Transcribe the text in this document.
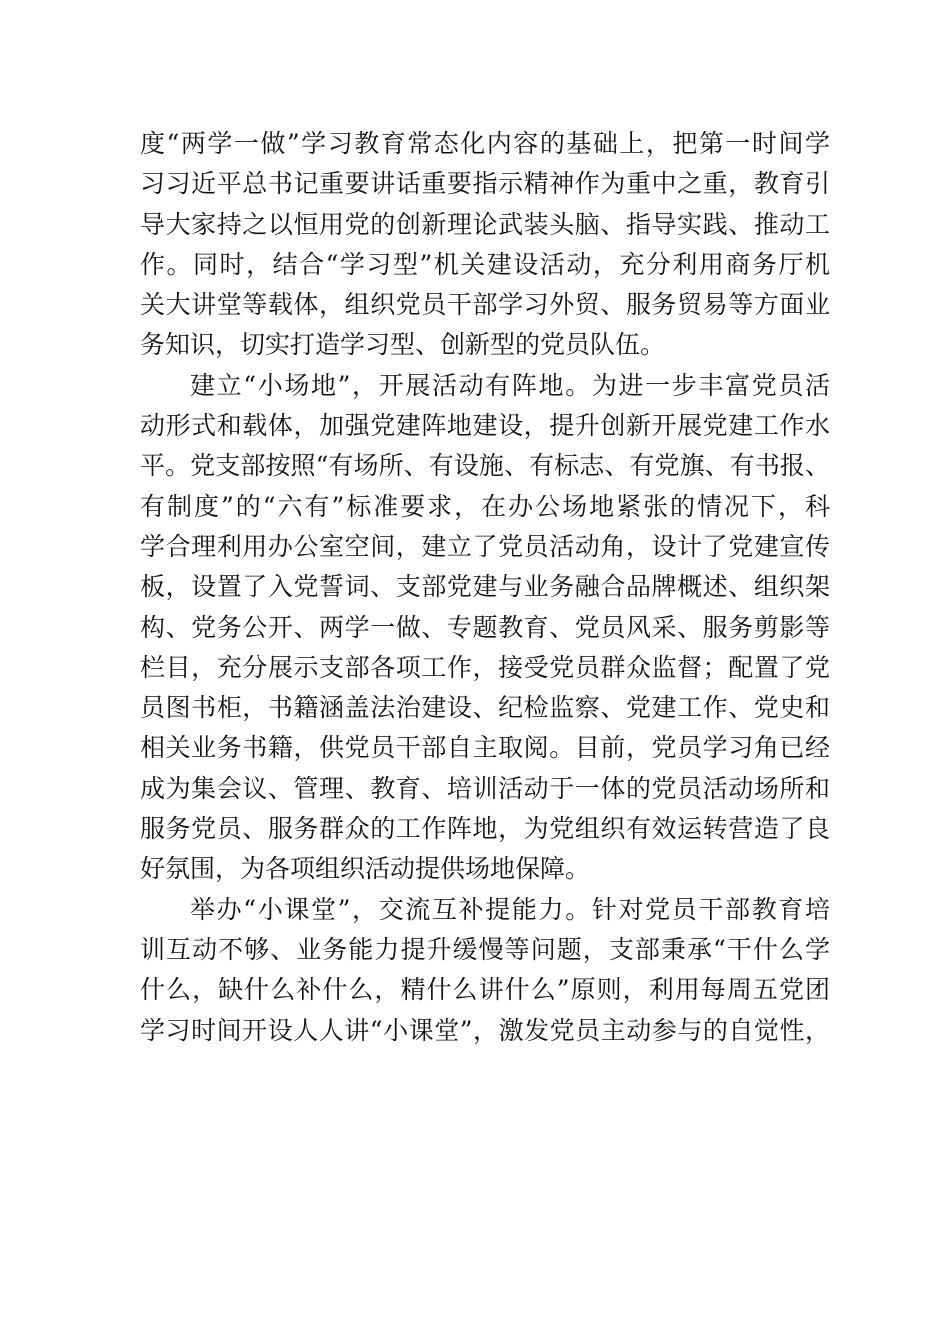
度“两学一做”学习教育常态化内容的基础上，把第一时间学
习习近平总书记重要讲话重要指示精神作为重中之重，教育引
导大家持之以恒用党的创新理论武装头脑、指导实践、推动工
作。同时，结合“学习型”机关建设活动，充分利用商务厅机
关大讲堂等载体，组织党员干部学习外贸、服务贸易等方面业
务知识，切实打造学习型、创新型的党员队伍。
建立“小场地”，开展活动有阵地。为进一步丰富党员活
动形式和载体，加强党建阵地建设，提升创新开展党建工作水
平。党支部按照“有场所、有设施、有标志、有党旗、有书报、
有制度”的“六有”标准要求，在办公场地紧张的情况下，科
学合理利用办公室空间，建立了党员活动角，设计了党建宣传
板，设置了入党誓词、支部党建与业务融合品牌概述、组织架
构、党务公开、两学一做、专题教育、党员风采、服务剪影等
栏目，充分展示支部各项工作，接受党员群众监督；配置了党
员图书柜，书籍涵盖法治建设、纪检监察、党建工作、党史和
相关业务书籍，供党员干部自主取阅。目前，党员学习角已经
成为集会议、管理、教育、培训活动于一体的党员活动场所和
服务党员、服务群众的工作阵地，为党组织有效运转营造了良
好氛围，为各项组织活动提供场地保障。
举办“小课堂”，交流互补提能力。针对党员干部教育培
训互动不够、业务能力提升缓慢等问题，支部秉承“干什么学
什么，缺什么补什么，精什么讲什么”原则，利用每周五党团
学习时间开设人人讲“小课堂”，激发党员主动参与的自觉性，
